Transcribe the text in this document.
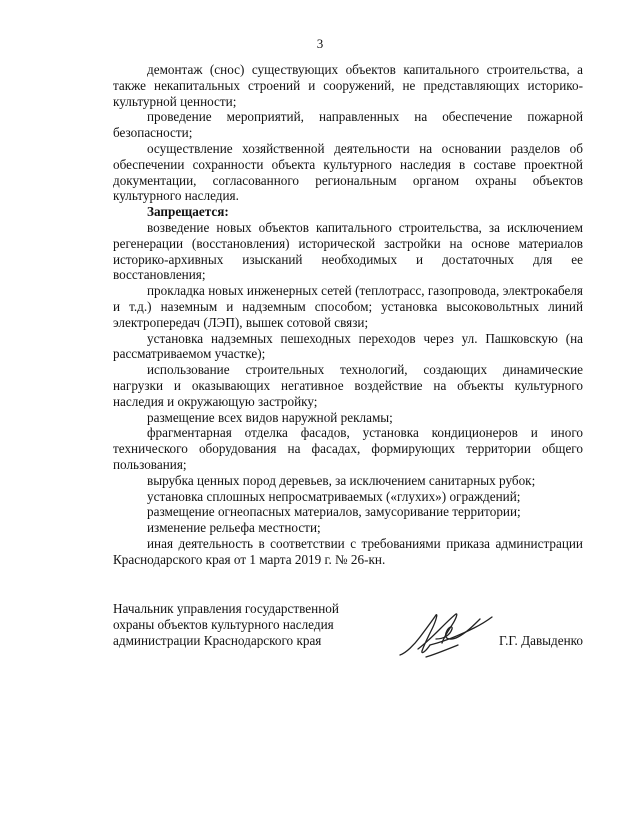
3

демонтаж (снос) существующих объектов капитального строительства, а также некапитальных строений и сооружений, не представляющих историко-культурной ценности;

проведение мероприятий, направленных на обеспечение пожарной безопасности;

осуществление хозяйственной деятельности на основании разделов об обеспечении сохранности объекта культурного наследия в составе проектной документации, согласованного региональным органом охраны объектов культурного наследия.

Запрещается:

возведение новых объектов капитального строительства, за исключением регенерации (восстановления) исторической застройки на основе материалов историко-архивных изысканий необходимых и достаточных для ее восстановления;

прокладка новых инженерных сетей (теплотрасс, газопровода, электрокабеля и т.д.) наземным и надземным способом; установка высоковольтных линий электропередач (ЛЭП), вышек сотовой связи;

установка надземных пешеходных переходов через ул. Пашковскую (на рассматриваемом участке);

использование строительных технологий, создающих динамические нагрузки и оказывающих негативное воздействие на объекты культурного наследия и окружающую застройку;

размещение всех видов наружной рекламы;

фрагментарная отделка фасадов, установка кондиционеров и иного технического оборудования на фасадах, формирующих территории общего пользования;

вырубка ценных пород деревьев, за исключением санитарных рубок;

установка сплошных непросматриваемых («глухих») ограждений;

размещение огнеопасных материалов, замусоривание территории;

изменение рельефа местности;

иная деятельность в соответствии с требованиями приказа администрации Краснодарского края от 1 марта 2019 г. № 26-кн.

Начальник управления государственной
охраны объектов культурного наследия
администрации Краснодарского края	Г.Г. Давыденко
